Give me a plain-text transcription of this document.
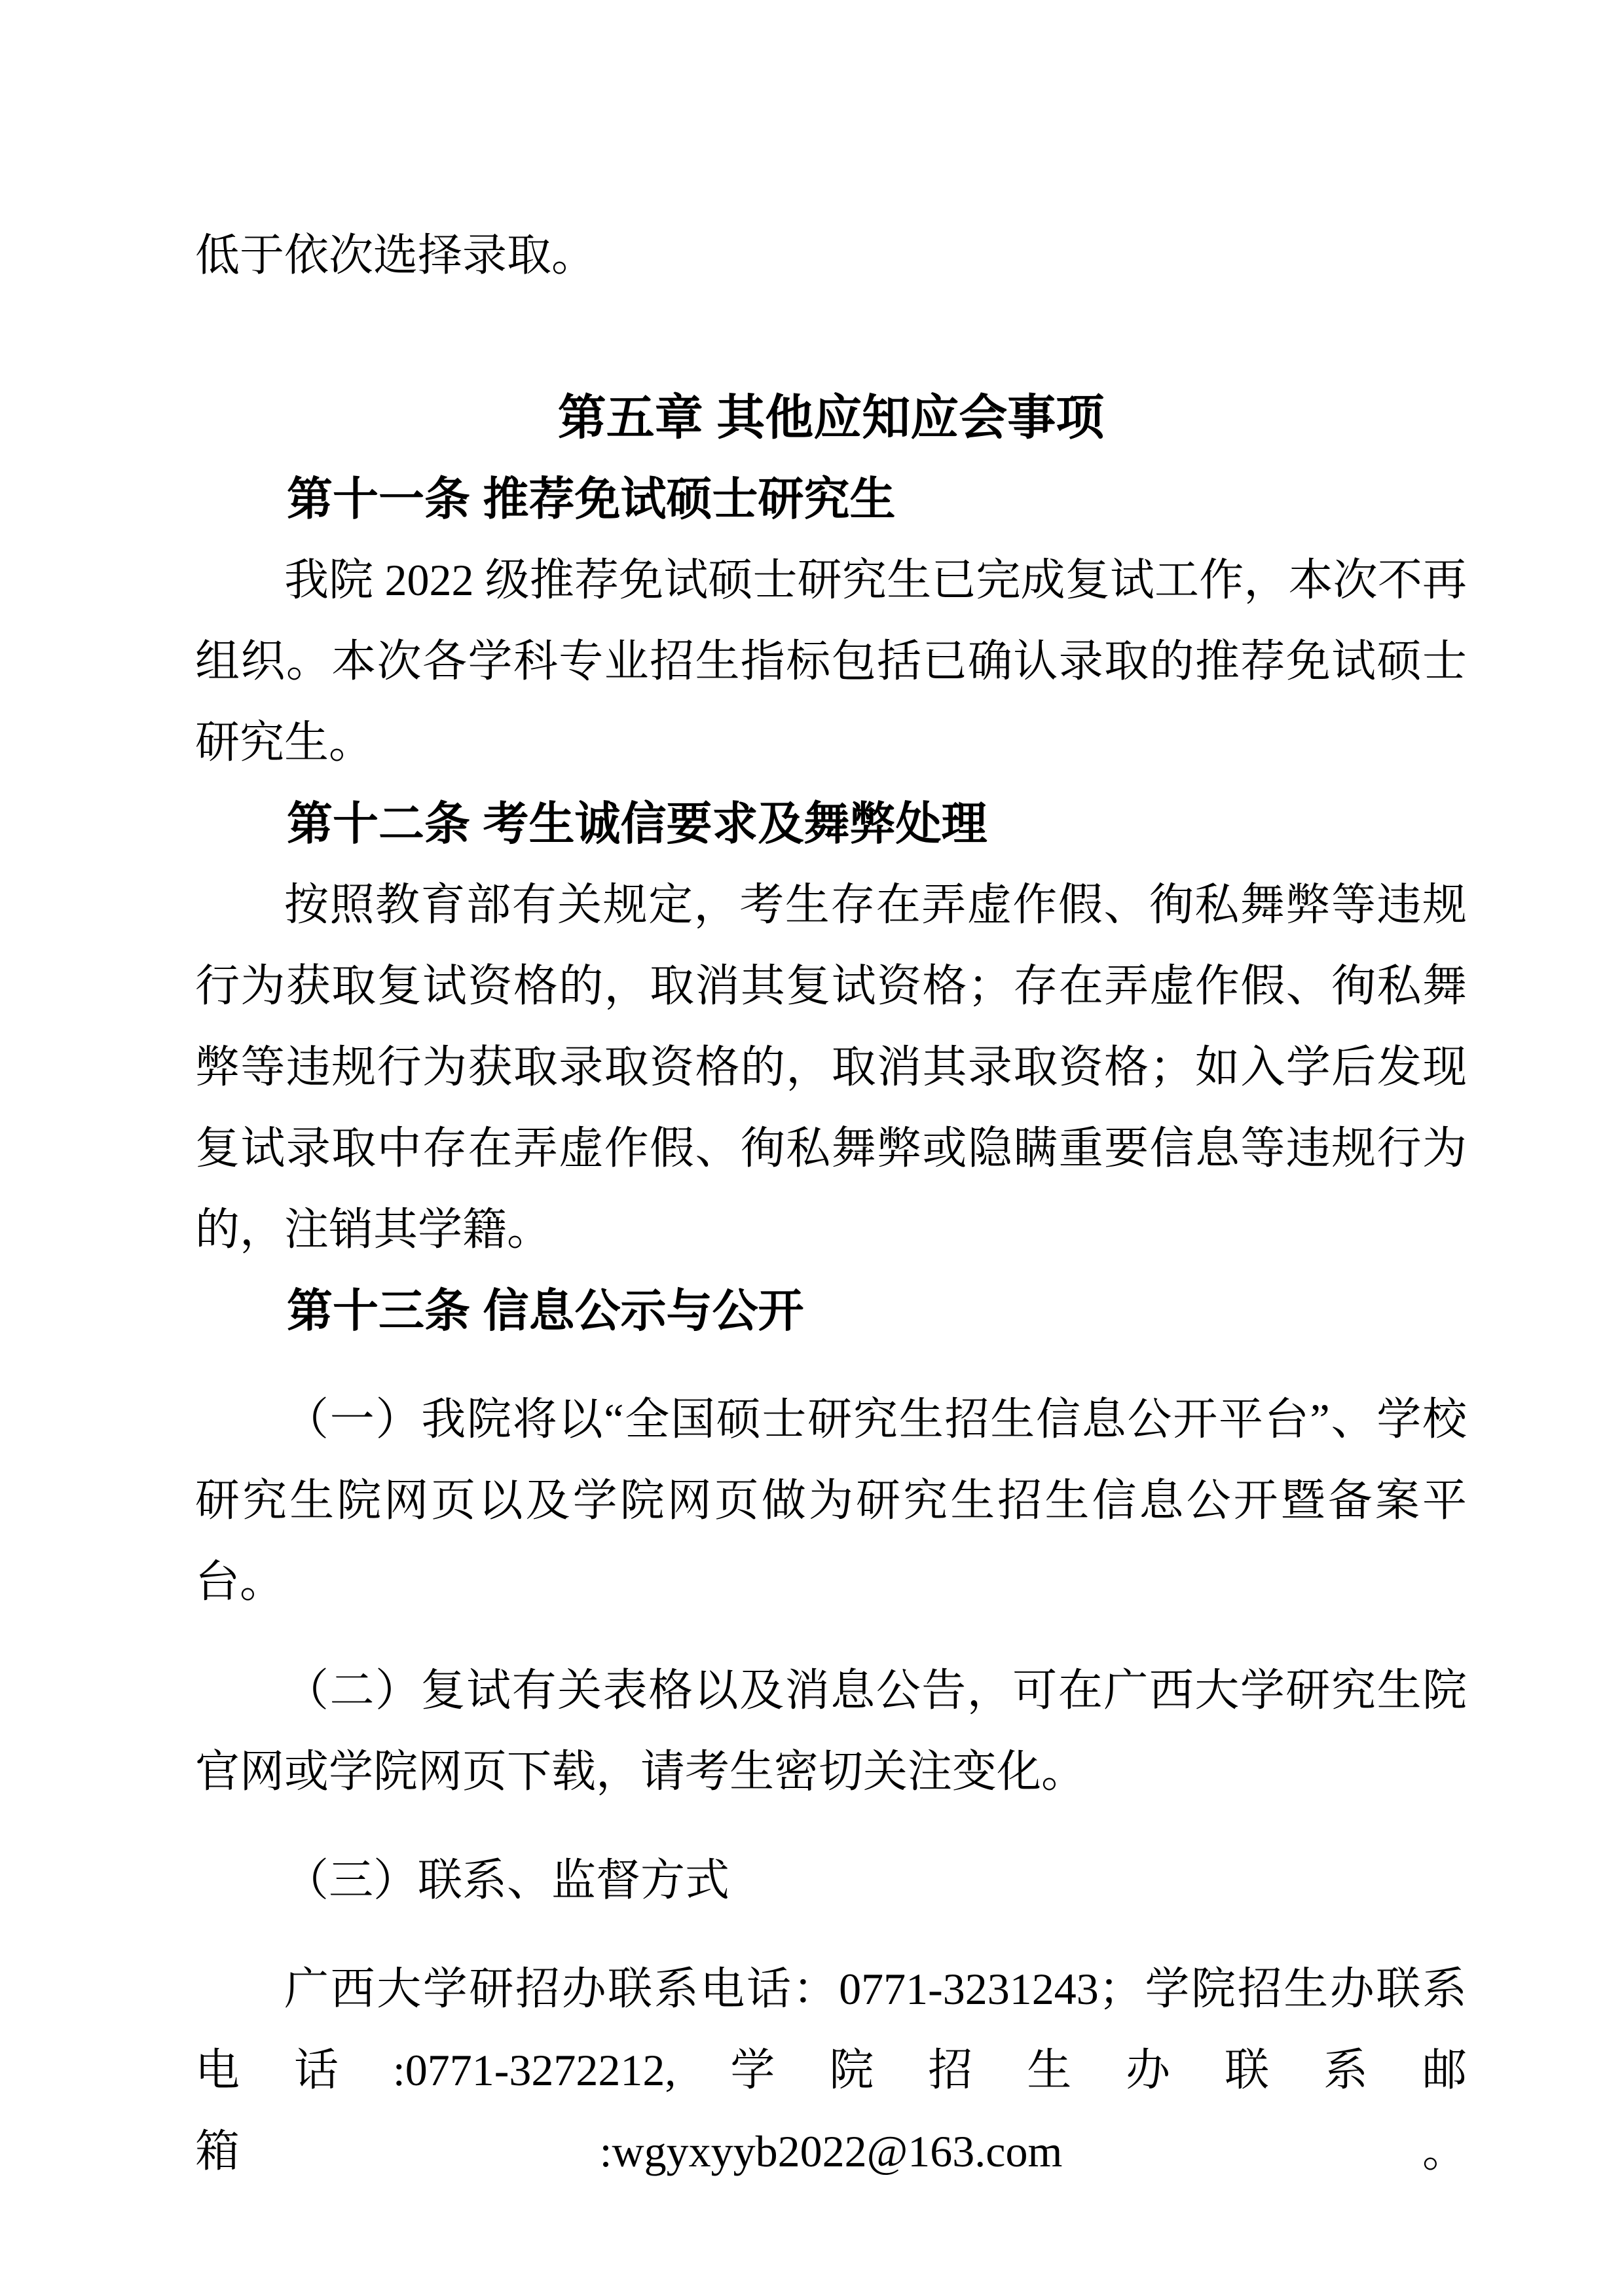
低于依次选择录取。

第五章 其他应知应会事项
第十一条 推荐免试硕士研究生

我院 2022 级推荐免试硕士研究生已完成复试工作，本次不再组织。本次各学科专业招生指标包括已确认录取的推荐免试硕士研究生。

第十二条 考生诚信要求及舞弊处理

按照教育部有关规定，考生存在弄虚作假、徇私舞弊等违规行为获取复试资格的，取消其复试资格；存在弄虚作假、徇私舞弊等违规行为获取录取资格的，取消其录取资格；如入学后发现复试录取中存在弄虚作假、徇私舞弊或隐瞒重要信息等违规行为的，注销其学籍。

第十三条 信息公示与公开

（一）我院将以“全国硕士研究生招生信息公开平台”、学校研究生院网页以及学院网页做为研究生招生信息公开暨备案平台。

（二）复试有关表格以及消息公告，可在广西大学研究生院官网或学院网页下载，请考生密切关注变化。

（三）联系、监督方式

广西大学研招办联系电话：0771-3231243；学院招生办联系电话:0771-3272212,学院招生办联系邮箱:wgyxyyb2022@163.com。
